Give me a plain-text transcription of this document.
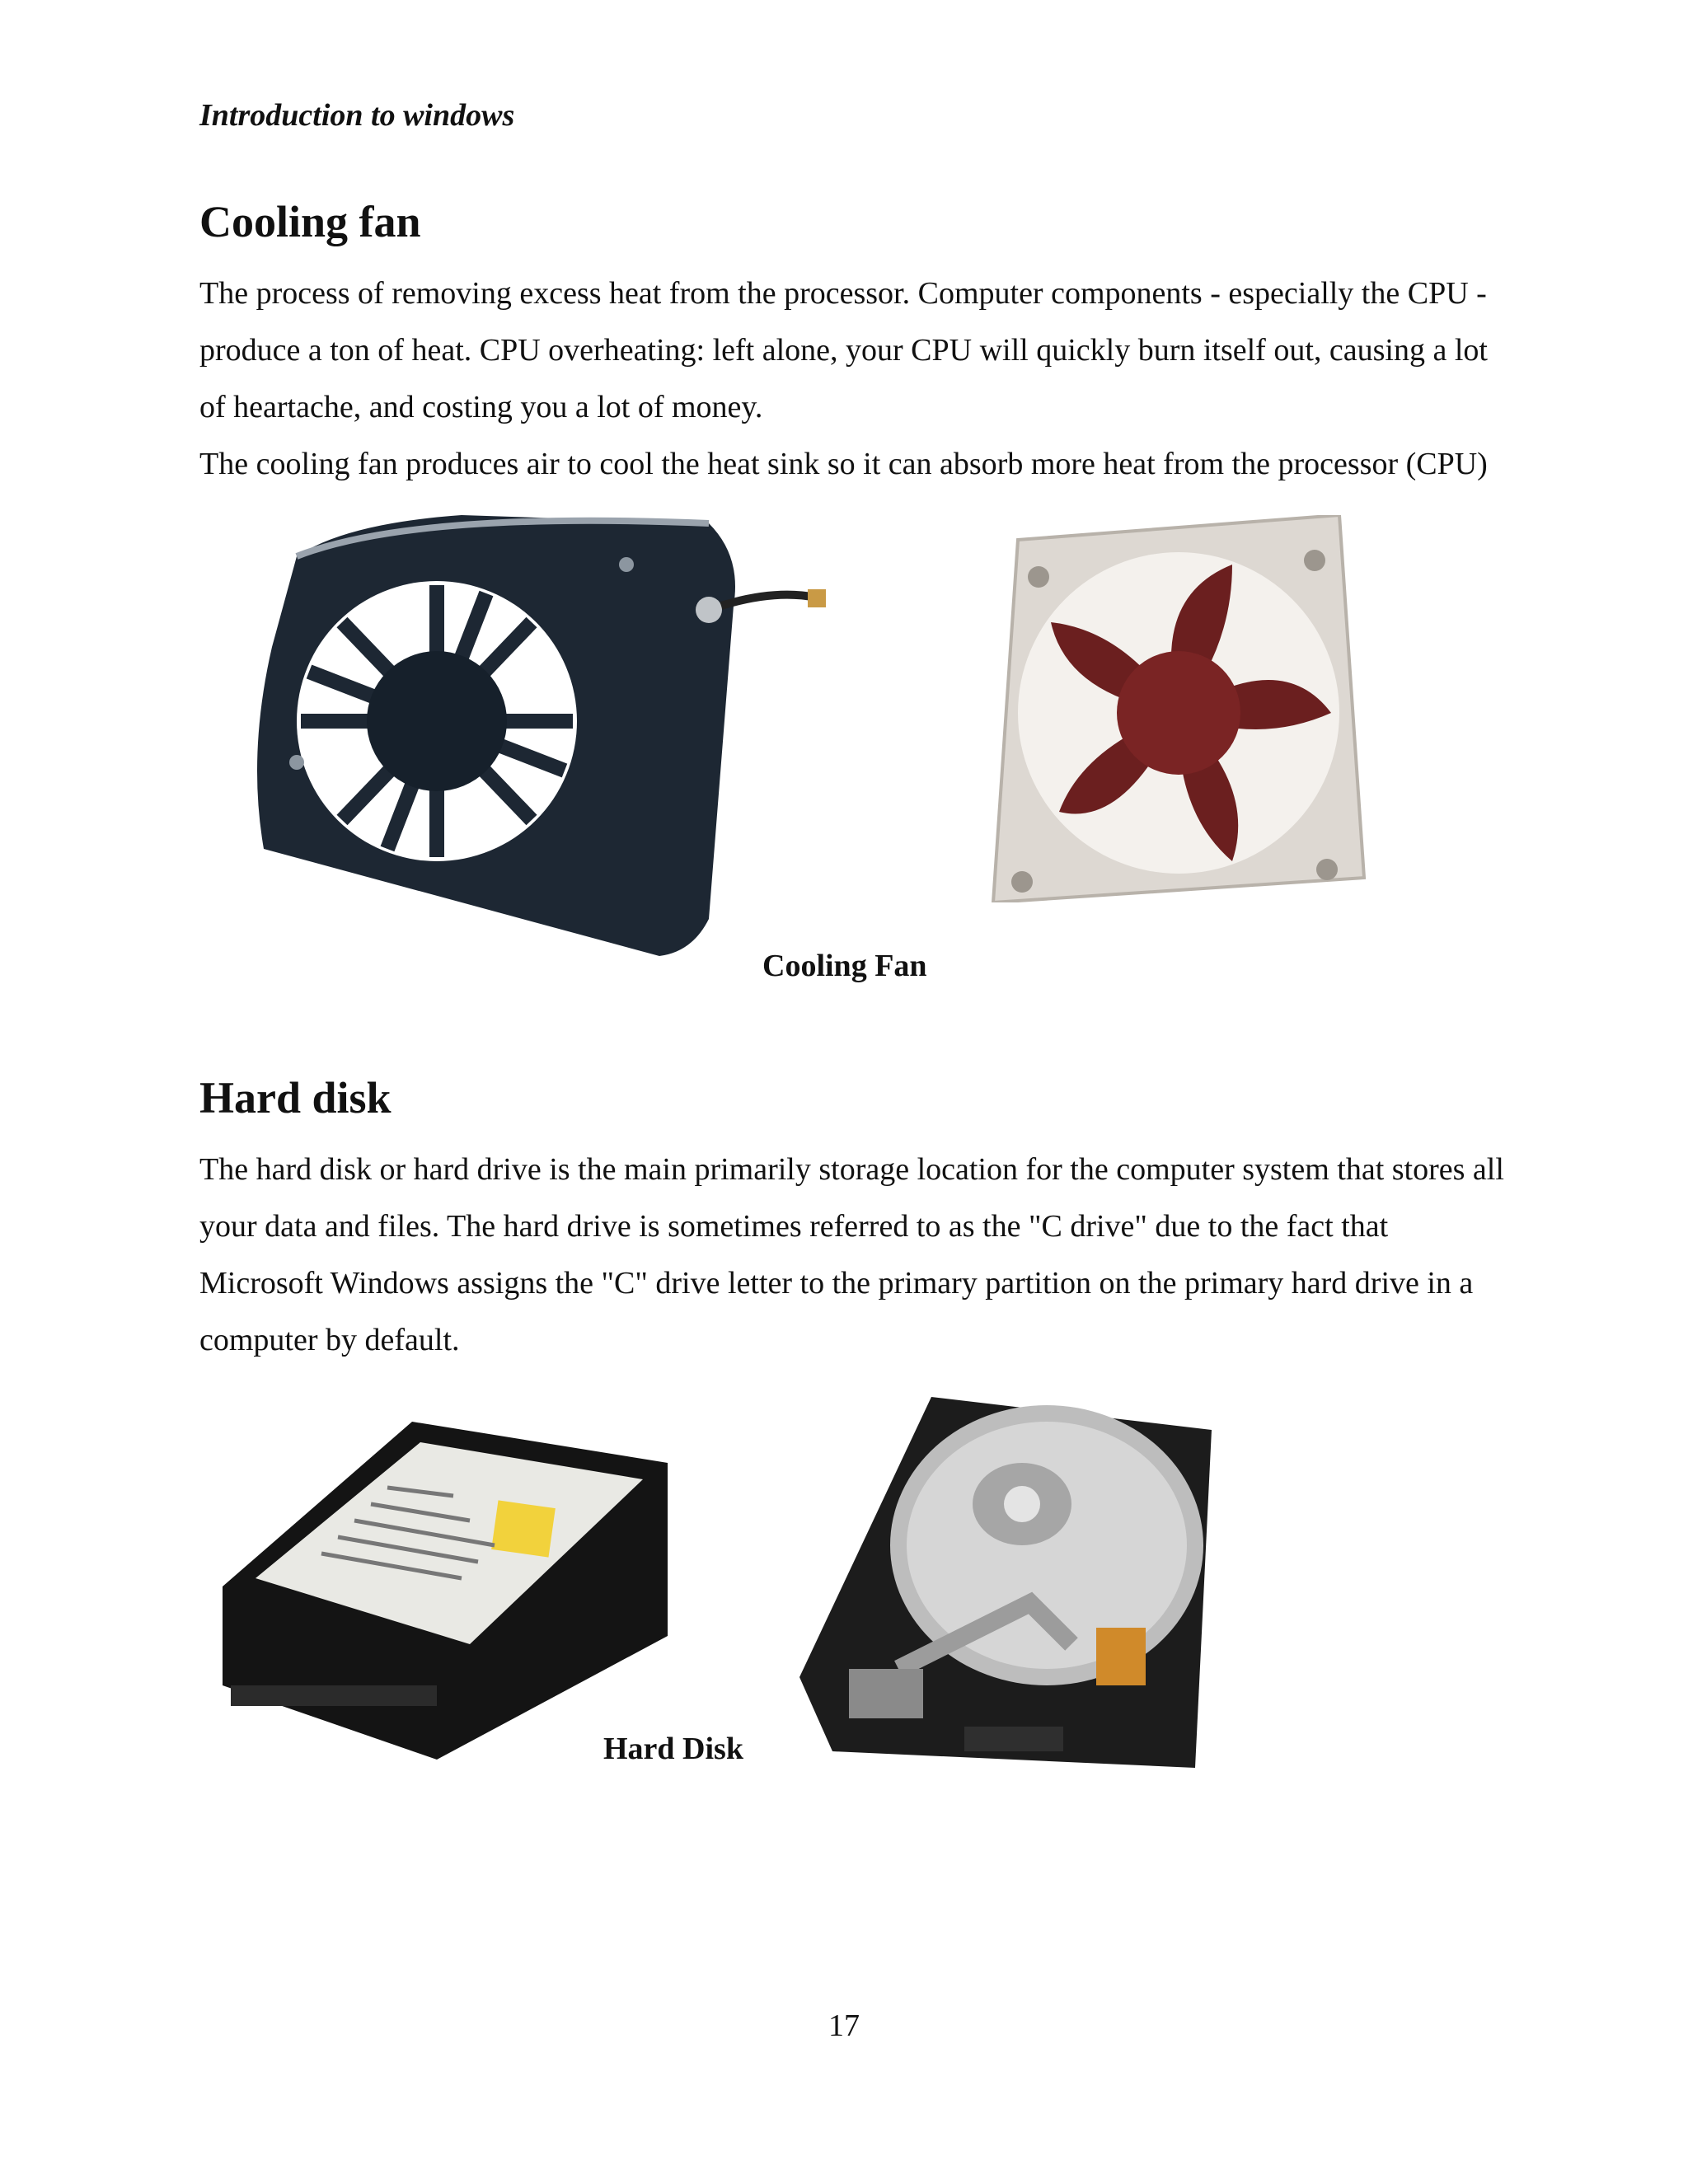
Introduction to windows
Cooling fan

The process of removing excess heat from the processor. Computer components - especially the CPU - produce a ton of heat. CPU overheating: left alone, your CPU will quickly burn itself out, causing a lot of heartache, and costing you a lot of money.

The cooling fan produces air to cool the heat sink so it can absorb more heat from the processor (CPU)

Cooling Fan
Hard disk

The hard disk or hard drive is the main primarily storage location for the computer system that stores all your data and files. The hard drive is sometimes referred to as the "C drive" due to the fact that Microsoft Windows assigns the "C" drive letter to the primary partition on the primary hard drive in a computer by default.

Hard Disk
17
